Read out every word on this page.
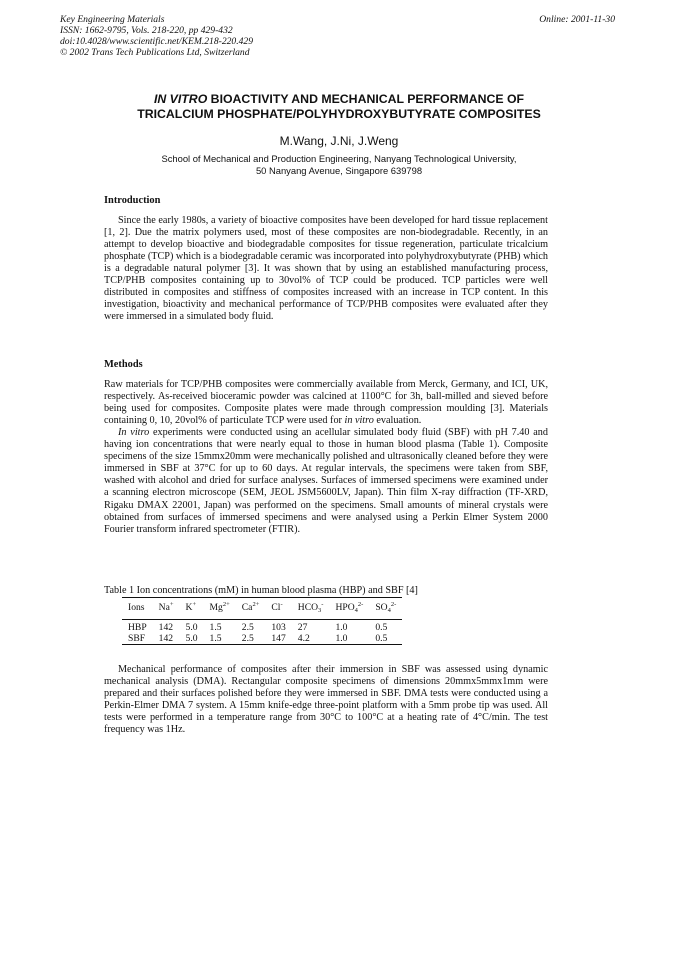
Key Engineering Materials
ISSN: 1662-9795, Vols. 218-220, pp 429-432
doi:10.4028/www.scientific.net/KEM.218-220.429
© 2002 Trans Tech Publications Ltd, Switzerland
Online: 2001-11-30
IN VITRO BIOACTIVITY AND MECHANICAL PERFORMANCE OF
TRICALCIUM PHOSPHATE/POLYHYDROXYBUTYRATE COMPOSITES
M.Wang, J.Ni, J.Weng
School of Mechanical and Production Engineering, Nanyang Technological University,
50 Nanyang Avenue, Singapore 639798
Introduction

Since the early 1980s, a variety of bioactive composites have been developed for hard tissue replacement [1, 2]. Due the matrix polymers used, most of these composites are non-biodegradable. Recently, in an attempt to develop bioactive and biodegradable composites for tissue regeneration, particulate tricalcium phosphate (TCP) which is a biodegradable ceramic was incorporated into polyhydroxybutyrate (PHB) which is a degradable natural polymer [3]. It was shown that by using an established manufacturing process, TCP/PHB composites containing up to 30vol% of TCP could be produced. TCP particles were well distributed in composites and stiffness of composites increased with an increase in TCP content. In this investigation, bioactivity and mechanical performance of TCP/PHB composites were evaluated after they were immersed in a simulated body fluid.

Methods

Raw materials for TCP/PHB composites were commercially available from Merck, Germany, and ICI, UK, respectively. As-received bioceramic powder was calcined at 1100°C for 3h, ball-milled and sieved before being used for composites. Composite plates were made through compression moulding [3]. Materials containing 0, 10, 20vol% of particulate TCP were used for in vitro evaluation.

In vitro experiments were conducted using an acellular simulated body fluid (SBF) with pH 7.40 and having ion concentrations that were nearly equal to those in human blood plasma (Table 1). Composite specimens of the size 15mmx20mm were mechanically polished and ultrasonically cleaned before they were immersed in SBF at 37°C for up to 60 days. At regular intervals, the specimens were taken from SBF, washed with alcohol and dried for surface analyses. Surfaces of immersed specimens were examined under a scanning electron microscope (SEM, JEOL JSM5600LV, Japan). Thin film X-ray diffraction (TF-XRD, Rigaku DMAX 22001, Japan) was performed on the specimens. Small amounts of mineral crystals were obtained from surfaces of immersed specimens and were analysed using a Perkin Elmer System 2000 Fourier transform infrared spectrometer (FTIR).

Table 1 Ion concentrations (mM) in human blood plasma (HBP) and SBF [4]
Ions	Na+	K+	$Mg^{2+}$	$Ca^{2+}$	Cl-	$HCO_3^-$	$HPO_4^{2-}$	$SO_4^{2-}$
HBP	142	5.0	1.5	2.5	103	27	1.0	0.5
SBF	142	5.0	1.5	2.5	147	4.2	1.0	0.5

Mechanical performance of composites after their immersion in SBF was assessed using dynamic mechanical analysis (DMA). Rectangular composite specimens of dimensions 20mmx5mmx1mm were prepared and their surfaces polished before they were immersed in SBF. DMA tests were conducted using a Perkin-Elmer DMA 7 system. A 15mm knife-edge three-point platform with a 5mm probe tip was used. All tests were performed in a temperature range from 30°C to 100°C at a heating rate of 4°C/min. The test frequency was 1Hz.
